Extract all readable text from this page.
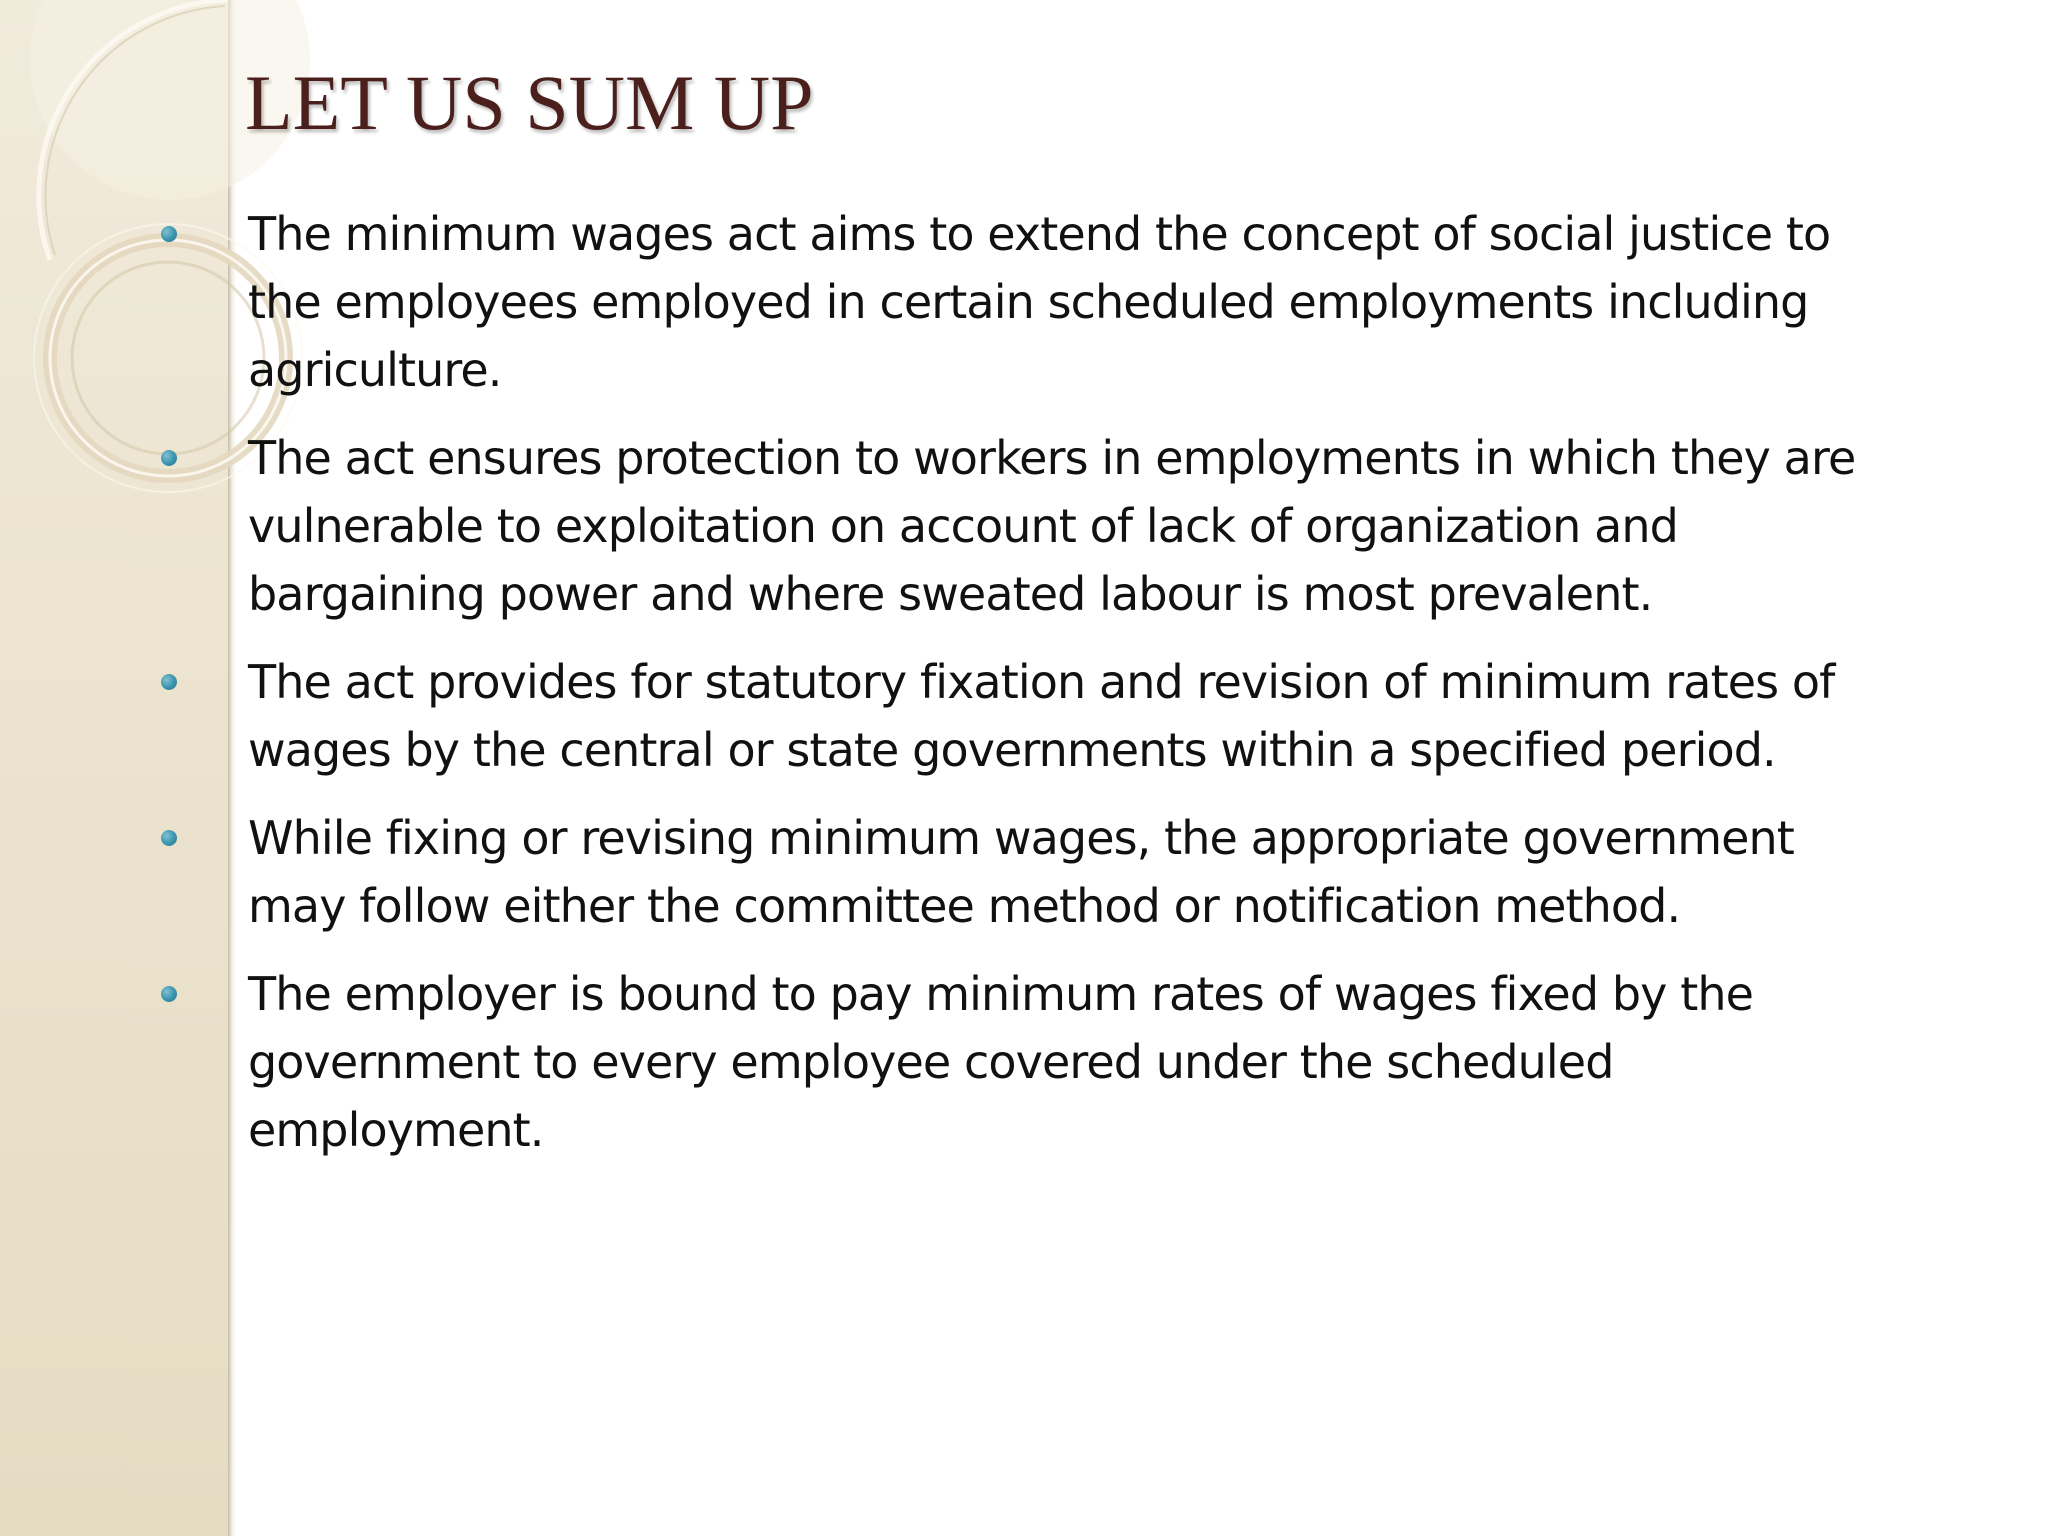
LET US SUM UP
The minimum wages act aims to extend the concept of social justice to the employees employed in certain scheduled employments including agriculture.
The act ensures protection to workers in employments in which they are vulnerable to exploitation on account of lack of organization and bargaining power and where sweated labour is most prevalent.
The act provides for statutory fixation and revision of minimum rates of wages by the central or state governments within a specified period.
While fixing or revising minimum wages, the appropriate government may follow either the committee method or notification method.
The employer is bound to pay minimum rates of wages fixed by the government to every employee covered under the scheduled employment.
